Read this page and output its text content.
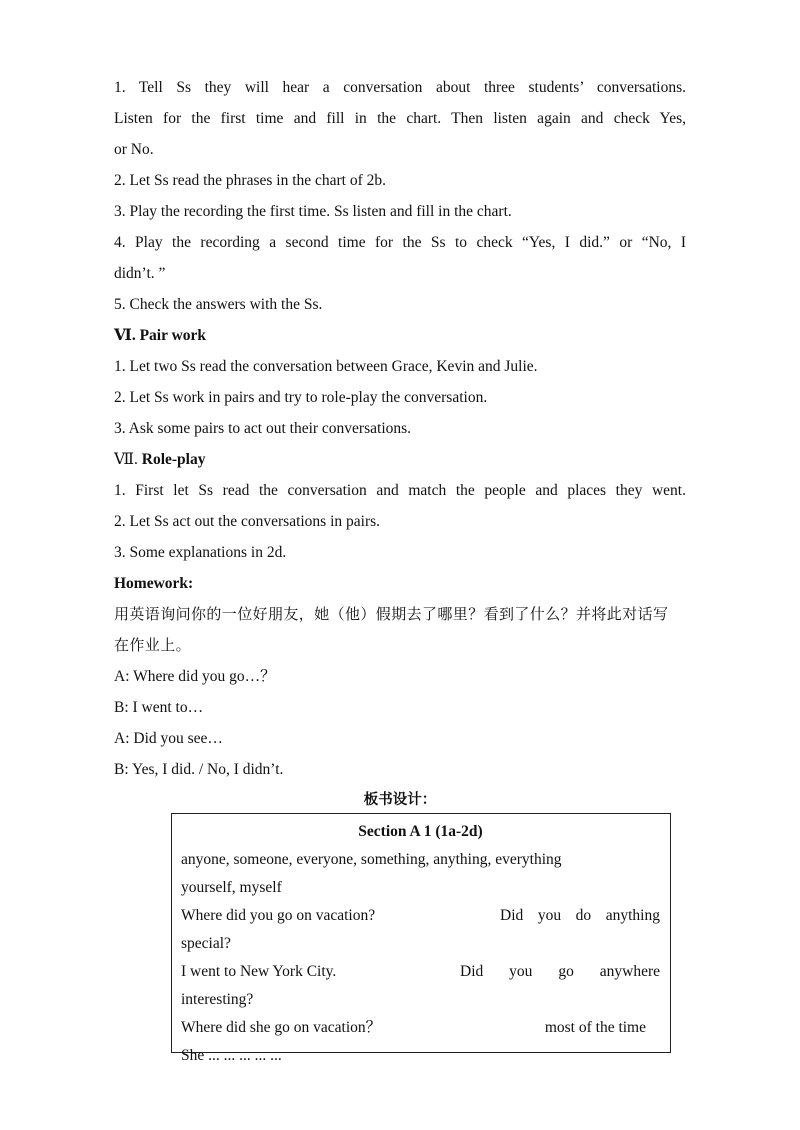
1. Tell Ss they will hear a conversation about three students’ conversations.

Listen for the first time and fill in the chart. Then listen again and check Yes,

or No.

2. Let Ss read the phrases in the chart of 2b.

3. Play the recording the first time. Ss listen and fill in the chart.

4. Play the recording a second time for the Ss to check “Yes, I did.” or “No, I

didn’t. ”

5. Check the answers with the Ss.

Ⅵ. Pair work

1. Let two Ss read the conversation between Grace, Kevin and Julie.

2. Let Ss work in pairs and try to role-play the conversation.

3. Ask some pairs to act out their conversations.

Ⅶ. Role-play

1. First let Ss read the conversation and match the people and places they went.

2. Let Ss act out the conversations in pairs.

3. Some explanations in 2d.

Homework:

用英语询问你的一位好朋友，她（他）假期去了哪里？看到了什么？并将此对话写

在作业上。

A: Where did you go…？

B: I went to…

A: Did you see…

B: Yes, I did. / No, I didn’t.

板书设计：

Section A 1 (1a-2d)

anyone, someone, everyone, something, anything, everything

yourself, myself

Where did you go on vacation?	Did you do anything

special?

I went to New York City.	Did you go anywhere

interesting?

Where did she go on vacation？	most of the time
She ... ... ... ... ...
